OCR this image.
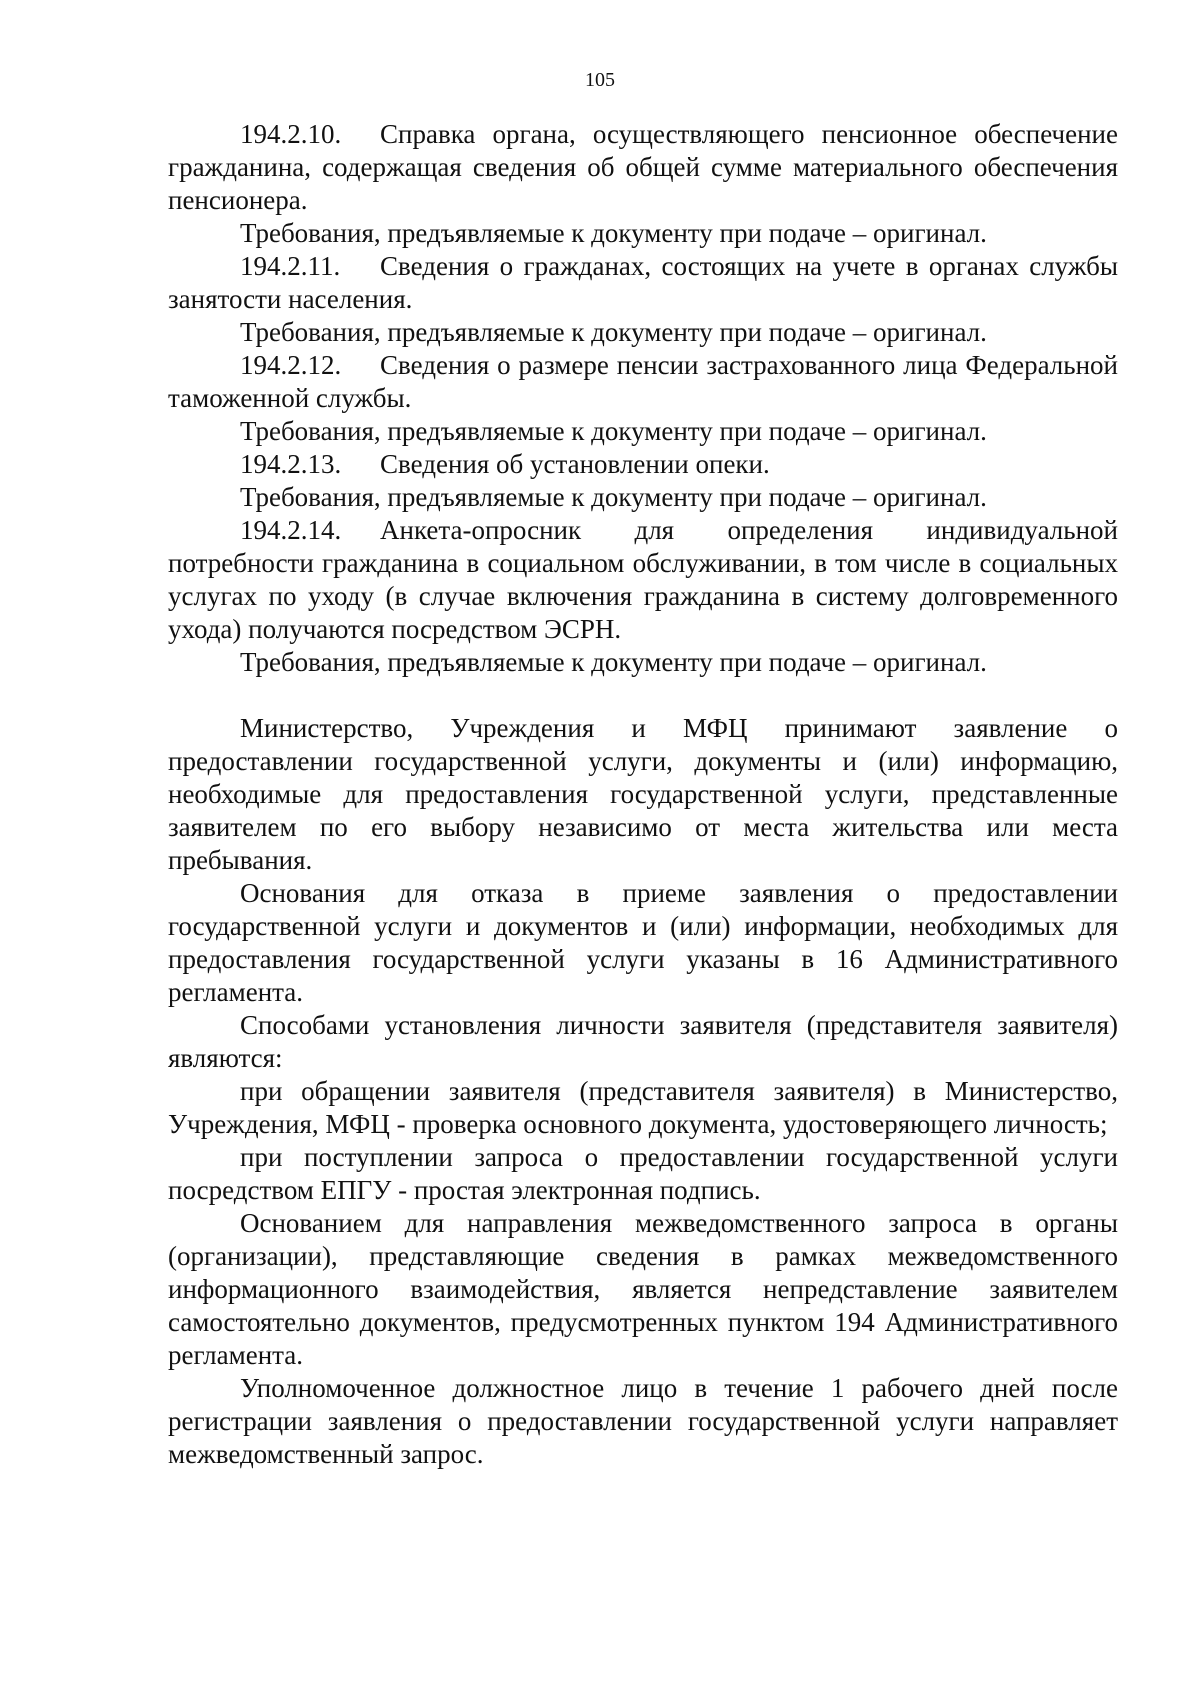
105

194.2.10. Справка органа, осуществляющего пенсионное обеспечение гражданина, содержащая сведения об общей сумме материального обеспечения пенсионера.

Требования, предъявляемые к документу при подаче – оригинал.

194.2.11. Сведения о гражданах, состоящих на учете в органах службы занятости населения.

Требования, предъявляемые к документу при подаче – оригинал.

194.2.12. Сведения о размере пенсии застрахованного лица Федеральной таможенной службы.

Требования, предъявляемые к документу при подаче – оригинал.

194.2.13. Сведения об установлении опеки.

Требования, предъявляемые к документу при подаче – оригинал.

194.2.14. Анкета-опросник для определения индивидуальной потребности гражданина в социальном обслуживании, в том числе в социальных услугах по уходу (в случае включения гражданина в систему долговременного ухода) получаются посредством ЭСРН.

Требования, предъявляемые к документу при подаче – оригинал.

Министерство, Учреждения и МФЦ принимают заявление о предоставлении государственной услуги, документы и (или) информацию, необходимые для предоставления государственной услуги, представленные заявителем по его выбору независимо от места жительства или места пребывания.

Основания для отказа в приеме заявления о предоставлении государственной услуги и документов и (или) информации, необходимых для предоставления государственной услуги указаны в 16 Административного регламента.

Способами установления личности заявителя (представителя заявителя) являются:

при обращении заявителя (представителя заявителя) в Министерство, Учреждения, МФЦ - проверка основного документа, удостоверяющего личность;

при поступлении запроса о предоставлении государственной услуги посредством ЕПГУ - простая электронная подпись.

Основанием для направления межведомственного запроса в органы (организации), представляющие сведения в рамках межведомственного информационного взаимодействия, является непредставление заявителем самостоятельно документов, предусмотренных пунктом 194 Административного регламента.

Уполномоченное должностное лицо в течение 1 рабочего дней после регистрации заявления о предоставлении государственной услуги направляет межведомственный запрос.
